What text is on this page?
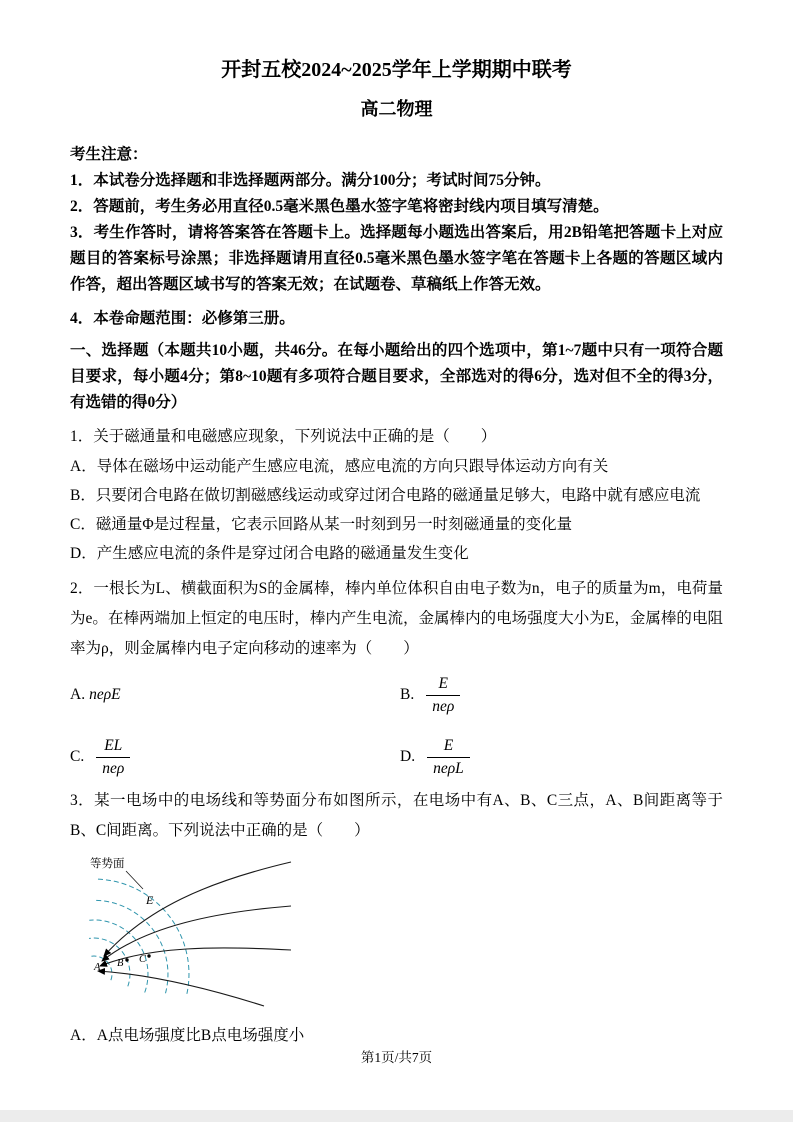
开封五校2024~2025学年上学期期中联考
高二物理

考生注意：

1．本试卷分选择题和非选择题两部分。满分100分；考试时间75分钟。

2．答题前，考生务必用直径0.5毫米黑色墨水签字笔将密封线内项目填写清楚。

3．考生作答时，请将答案答在答题卡上。选择题每小题选出答案后，用2B铅笔把答题卡上对应题目的答案标号涂黑；非选择题请用直径0.5毫米黑色墨水签字笔在答题卡上各题的答题区域内作答，超出答题区域书写的答案无效；在试题卷、草稿纸上作答无效。

4．本卷命题范围：必修第三册。

一、选择题（本题共10小题，共46分。在每小题给出的四个选项中，第1~7题中只有一项符合题目要求，每小题4分；第8~10题有多项符合题目要求，全部选对的得6分，选对但不全的得3分，有选错的得0分）

1．关于磁通量和电磁感应现象，下列说法中正确的是（　　）

A．导体在磁场中运动能产生感应电流，感应电流的方向只跟导体运动方向有关

B．只要闭合电路在做切割磁感线运动或穿过闭合电路的磁通量足够大，电路中就有感应电流

C．磁通量Φ是过程量，它表示回路从某一时刻到另一时刻磁通量的变化量

D．产生感应电流的条件是穿过闭合电路的磁通量发生变化

2．一根长为L、横截面积为S的金属棒，棒内单位体积自由电子数为n，电子的质量为m，电荷量为e。在棒两端加上恒定的电压时，棒内产生电流，金属棒内的电场强度大小为E，金属棒的电阻率为ρ，则金属棒内电子定向移动的速率为（　　）

A. neρE	B. $\frac{E}{\text{neρ}}$
C. $\frac{EL}{\text{neρ}}$	D. $\frac{E}{\text{neρL}}$

3．某一电场中的电场线和等势面分布如图所示，在电场中有A、B、C三点，A、B间距离等于B、C间距离。下列说法中正确的是（　　）

等势面
E
A B C

A．A点电场强度比B点电场强度小

第1页/共7页
